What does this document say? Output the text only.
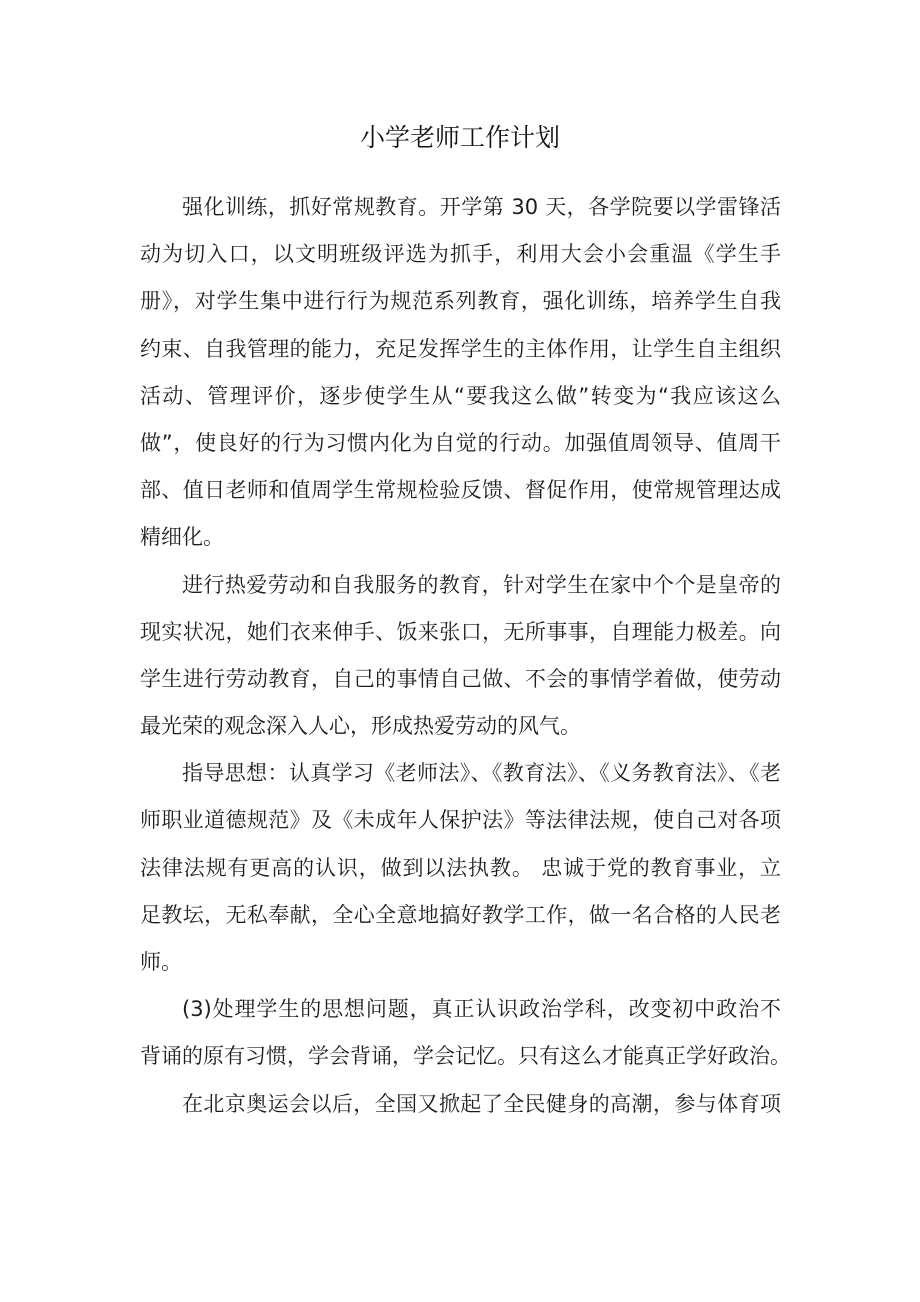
小学老师工作计划
强化训练，抓好常规教育。开学第 30 天，各学院要以学雷锋活
动为切入口，以文明班级评选为抓手，利用大会小会重温《学生手
册》，对学生集中进行行为规范系列教育，强化训练，培养学生自我
约束、自我管理的能力，充足发挥学生的主体作用，让学生自主组织
活动、管理评价，逐步使学生从“要我这么做”转变为“我应该这么
做”，使良好的行为习惯内化为自觉的行动。加强值周领导、值周干
部、值日老师和值周学生常规检验反馈、督促作用，使常规管理达成
精细化。
进行热爱劳动和自我服务的教育，针对学生在家中个个是皇帝的
现实状况，她们衣来伸手、饭来张口，无所事事，自理能力极差。向
学生进行劳动教育，自己的事情自己做、不会的事情学着做，使劳动
最光荣的观念深入人心，形成热爱劳动的风气。
指导思想：认真学习《老师法》、《教育法》、《义务教育法》、《老
师职业道德规范》及《未成年人保护法》等法律法规，使自己对各项
法律法规有更高的认识，做到以法执教。 忠诚于党的教育事业，立
足教坛，无私奉献，全心全意地搞好教学工作，做一名合格的人民老
师。
(3)处理学生的思想问题，真正认识政治学科，改变初中政治不
背诵的原有习惯，学会背诵，学会记忆。只有这么才能真正学好政治。
在北京奥运会以后，全国又掀起了全民健身的高潮，参与体育项
